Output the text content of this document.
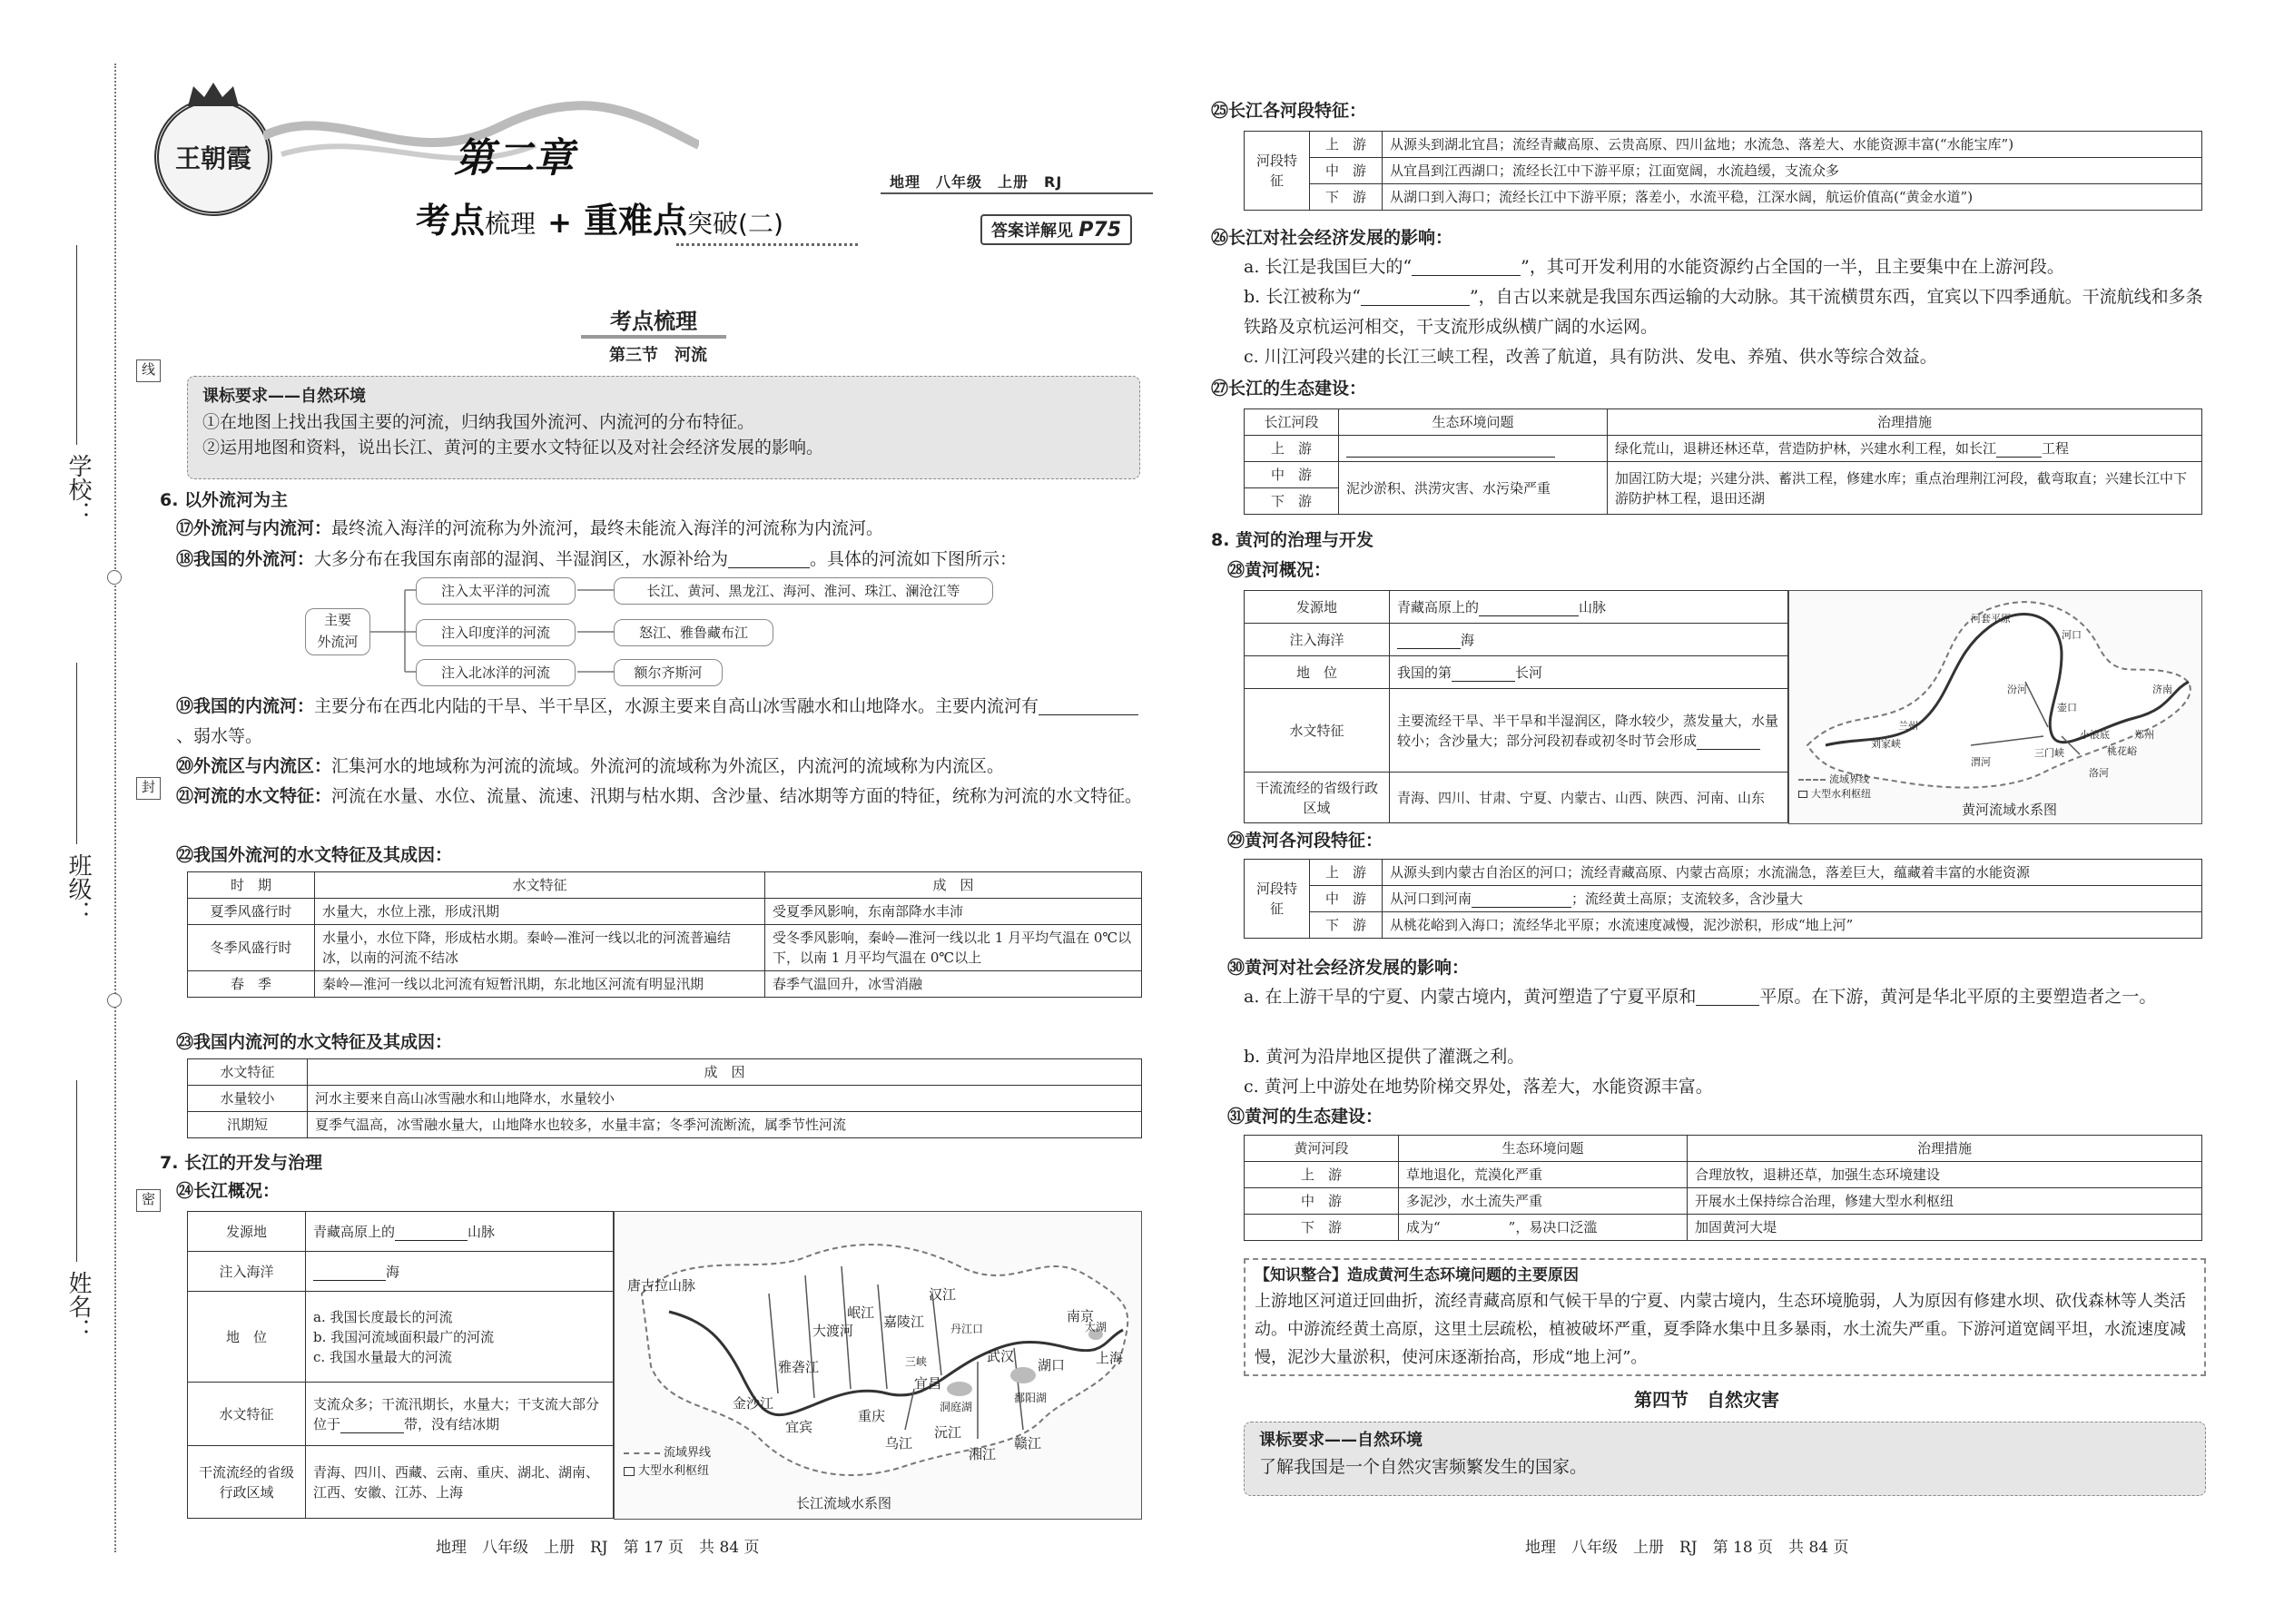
学校：
班级：
姓名：
线
封
密
王朝霞	第二章
考点梳理 + 重难点突破(二)
地理　八年级　上册　RJ
答案详解见 P75
考点梳理
第三节　河流
课标要求——自然环境
①在地图上找出我国主要的河流，归纳我国外流河、内流河的分布特征。
②运用地图和资料，说出长江、黄河的主要水文特征以及对社会经济发展的影响。
6. 以外流河为主
⑰外流河与内流河：最终流入海洋的河流称为外流河，最终未能流入海洋的河流称为内流河。
⑱我国的外流河：大多分布在我国东南部的湿润、半湿润区，水源补给为	。具体的河流如下图所示：
主要
外流河
注入太平洋的河流
注入印度洋的河流
注入北冰洋的河流
长江、黄河、黑龙江、海河、淮河、珠江、澜沧江等
怒江、雅鲁藏布江
额尔齐斯河
⑲我国的内流河：主要分布在西北内陆的干旱、半干旱区，水源主要来自高山冰雪融水和山地降水。主要内流河有、弱水等。
⑳外流区与内流区：汇集河水的地域称为河流的流域。外流河的流域称为外流区，内流河的流域称为内流区。
㉑河流的水文特征：河流在水量、水位、流量、流速、汛期与枯水期、含沙量、结冰期等方面的特征，统称为河流的水文特征。
㉒我国外流河的水文特征及其成因：
时　期	水文特征	成　因
夏季风盛行时	水量大，水位上涨，形成汛期	受夏季风影响，东南部降水丰沛
冬季风盛行时	水量小，水位下降，形成枯水期。秦岭—淮河一线以北的河流普遍结冰，以南的河流不结冰	受冬季风影响，秦岭—淮河一线以北 1 月平均气温在 0℃以下，以南 1 月平均气温在 0℃以上
春　季	秦岭—淮河一线以北河流有短暂汛期，东北地区河流有明显汛期	春季气温回升，冰雪消融
㉓我国内流河的水文特征及其成因：
水文特征	成　因
水量较小	河水主要来自高山冰雪融水和山地降水，水量较小
汛期短	夏季气温高，冰雪融水量大，山地降水也较多，水量丰富；冬季河流断流，属季节性河流
7. 长江的开发与治理
㉔长江概况：
发源地	青藏高原上的 山脉
注入海洋	海
地　位	a. 我国长度最长的河流
b. 我国河流域面积最广的河流
c. 我国水量最大的河流

水文特征	支流众多；干流汛期长，水量大；干支流大部分位于 带，没有结冰期
干流流经的省级行政区域	青海、四川、西藏、云南、重庆、湖北、湖南、江西、安徽、江苏、上海
唐古拉山脉
金沙江
雅砻江
大渡河
岷江
嘉陵江
汉江
乌江
湘江
沅江
赣江
宜宾
重庆
宜昌
武汉
湖口
南京
上海
洞庭湖
鄱阳湖
太湖
丹江口
三峡
流域界线
大型水利枢纽
长江流域水系图
地理　八年级　上册　RJ　第 17 页　共 84 页
㉕长江各河段特征：
河段特征	上　游	从源头到湖北宜昌；流经青藏高原、云贵高原、四川盆地；水流急、落差大、水能资源丰富(“水能宝库”)
	中　游	从宜昌到江西湖口；流经长江中下游平原；江面宽阔，水流趋缓，支流众多
	下　游	从湖口到入海口；流经长江中下游平原；落差小，水流平稳，江深水阔，航运价值高(“黄金水道”)
㉖长江对社会经济发展的影响：
a. 长江是我国巨大的“	”，其可开发利用的水能资源约占全国的一半，且主要集中在上游河段。
b. 长江被称为“	”，自古以来就是我国东西运输的大动脉。其干流横贯东西，宜宾以下四季通航。干流航线和多条铁路及京杭运河相交，干支流形成纵横广阔的水运网。
c. 川江河段兴建的长江三峡工程，改善了航道，具有防洪、发电、养殖、供水等综合效益。
㉗长江的生态建设：
长江河段	生态环境问题	治理措施
上　游		绿化荒山，退耕还林还草，营造防护林，兴建水利工程，如长江 工程
中　游	泥沙淤积、洪涝灾害、水污染严重	加固江防大堤；兴建分洪、蓄洪工程，修建水库；重点治理荆江河段，截弯取直；兴建长江中下游防护林工程，退田还湖
下　游		
8. 黄河的治理与开发
㉘黄河概况：
发源地	青藏高原上的 山脉
注入海洋	海
地　位	我国的第 长河
水文特征	主要流经干旱、半干旱和半湿润区，降水较少，蒸发量大，水量较小；含沙量大；部分河段初春或初冬时节会形成
干流流经的省级行政区域	青海、四川、甘肃、宁夏、内蒙古、山西、陕西、河南、山东
河套平原
兰州
刘家峡
河口
壶口
三门峡
小浪底
桃花峪
郑州
济南
渭河
汾河
洛河
流域界线
大型水利枢纽
黄河流域水系图
㉙黄河各河段特征：
河段特征	上　游	从源头到内蒙古自治区的河口；流经青藏高原、内蒙古高原；水流湍急，落差巨大，蕴藏着丰富的水能资源
	中　游	从河口到河南 ；流经黄土高原；支流较多，含沙量大
	下　游	从桃花峪到入海口；流经华北平原；水流速度减慢，泥沙淤积，形成“地上河”
㉚黄河对社会经济发展的影响：
a. 在上游干旱的宁夏、内蒙古境内，黄河塑造了宁夏平原和	平原。在下游，黄河是华北平原的主要塑造者之一。
b. 黄河为沿岸地区提供了灌溉之利。
c. 黄河上中游处在地势阶梯交界处，落差大，水能资源丰富。
㉛黄河的生态建设：
黄河河段	生态环境问题	治理措施
上　游	草地退化，荒漠化严重	合理放牧，退耕还草，加强生态环境建设
中　游	多泥沙，水土流失严重	开展水土保持综合治理，修建大型水利枢纽
下　游	成为“　　　　　”，易决口泛滥	加固黄河大堤
【知识整合】造成黄河生态环境问题的主要原因
上游地区河道迂回曲折，流经青藏高原和气候干旱的宁夏、内蒙古境内，生态环境脆弱，人为原因有修建水坝、砍伐森林等人类活动。中游流经黄土高原，这里土层疏松，植被破坏严重，夏季降水集中且多暴雨，水土流失严重。下游河道宽阔平坦，水流速度减慢，泥沙大量淤积，使河床逐渐抬高，形成“地上河”。
第四节　自然灾害
课标要求——自然环境
了解我国是一个自然灾害频繁发生的国家。
地理　八年级　上册　RJ　第 18 页　共 84 页
